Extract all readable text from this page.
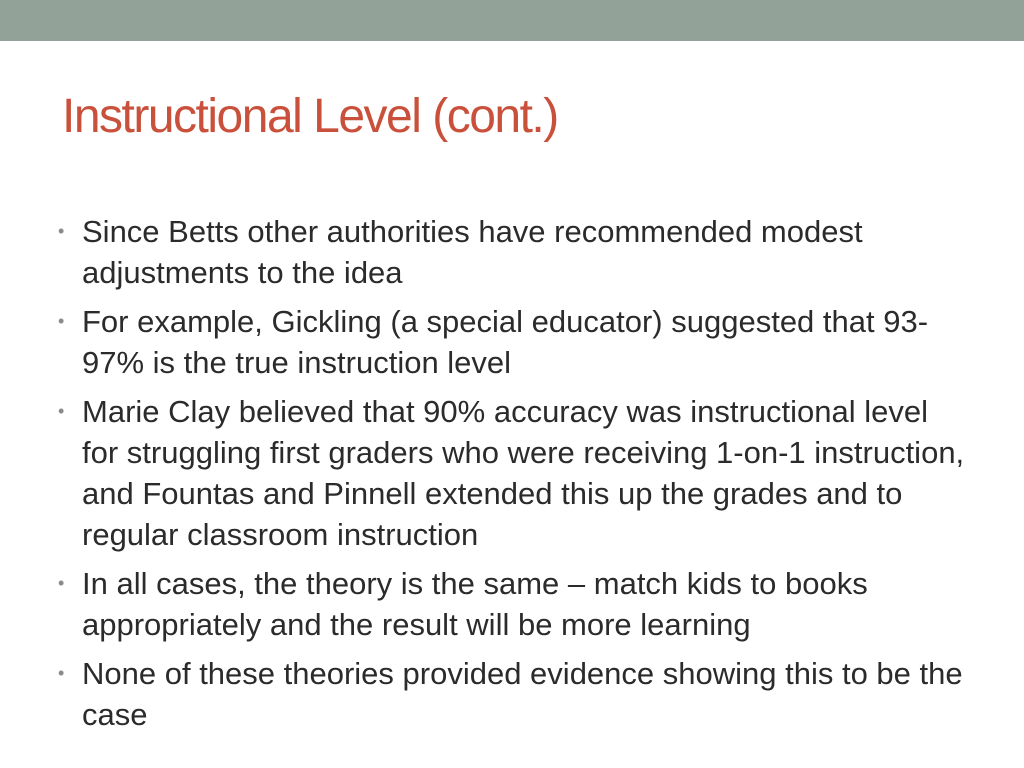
Instructional Level (cont.)
• Since Betts other authorities have recommended modest adjustments to the idea
• For example, Gickling (a special educator) suggested that 93-97% is the true instruction level
• Marie Clay believed that 90% accuracy was instructional level for struggling first graders who were receiving 1-on-1 instruction, and Fountas and Pinnell extended this up the grades and to regular classroom instruction
• In all cases, the theory is the same – match kids to books appropriately and the result will be more learning
• None of these theories provided evidence showing this to be the case
